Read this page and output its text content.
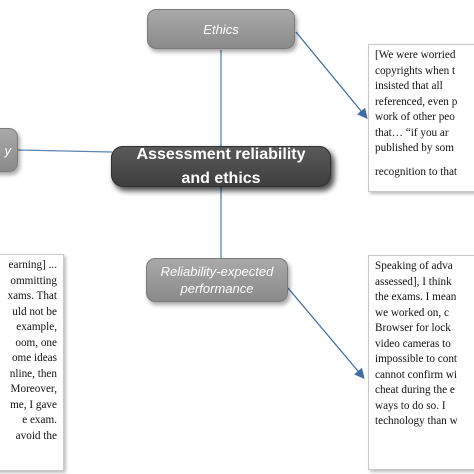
Ethics
Reliability-expected
performance
y
[We were worried
copyrights when t
insisted that all
referenced, even p
work of other peo
that… “if you ar
published by som
recognition to that
Speaking of adva
assessed], I think
the exams. I mean
we worked on, c
Browser for lock
video cameras to
impossible to cont
cannot confirm wi
cheat during the e
ways to do so. I
technology than w
earning] ...
ommitting
xams. That
uld not be
example,
oom, one
ome ideas
nline, then
Moreover,
me, I gave
e exam.
avoid the
Assessment reliability
and ethics
